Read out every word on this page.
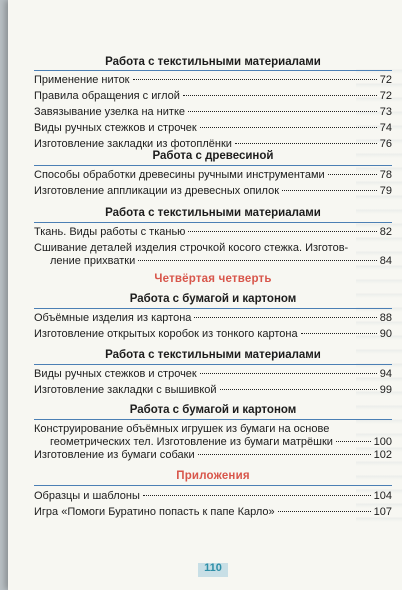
Работа с текстильными материалами
Применение ниток	72
Правила обращения с иглой	72
Завязывание узелка на нитке	73
Виды ручных стежков и строчек	74
Изготовление закладки из фотоплёнки	76
Работа с древесиной
Способы обработки древесины ручными инструментами	78
Изготовление аппликации из древесных опилок	79
Работа с текстильными материалами
Ткань. Виды работы с тканью	82
Сшивание деталей изделия строчкой косого стежка. Изготов-
ление прихватки	84
Четвёртая четверть
Работа с бумагой и картоном
Объёмные изделия из картона	88
Изготовление открытых коробок из тонкого картона	90
Работа с текстильными материалами
Виды ручных стежков и строчек	94
Изготовление закладки с вышивкой	99
Работа с бумагой и картоном
Конструирование объёмных игрушек из бумаги на основе
геометрических тел. Изготовление из бумаги матрёшки	100
Изготовление из бумаги собаки	102
Приложения
Образцы и шаблоны	104
Игра «Помоги Буратино попасть к папе Карло»	107
110
